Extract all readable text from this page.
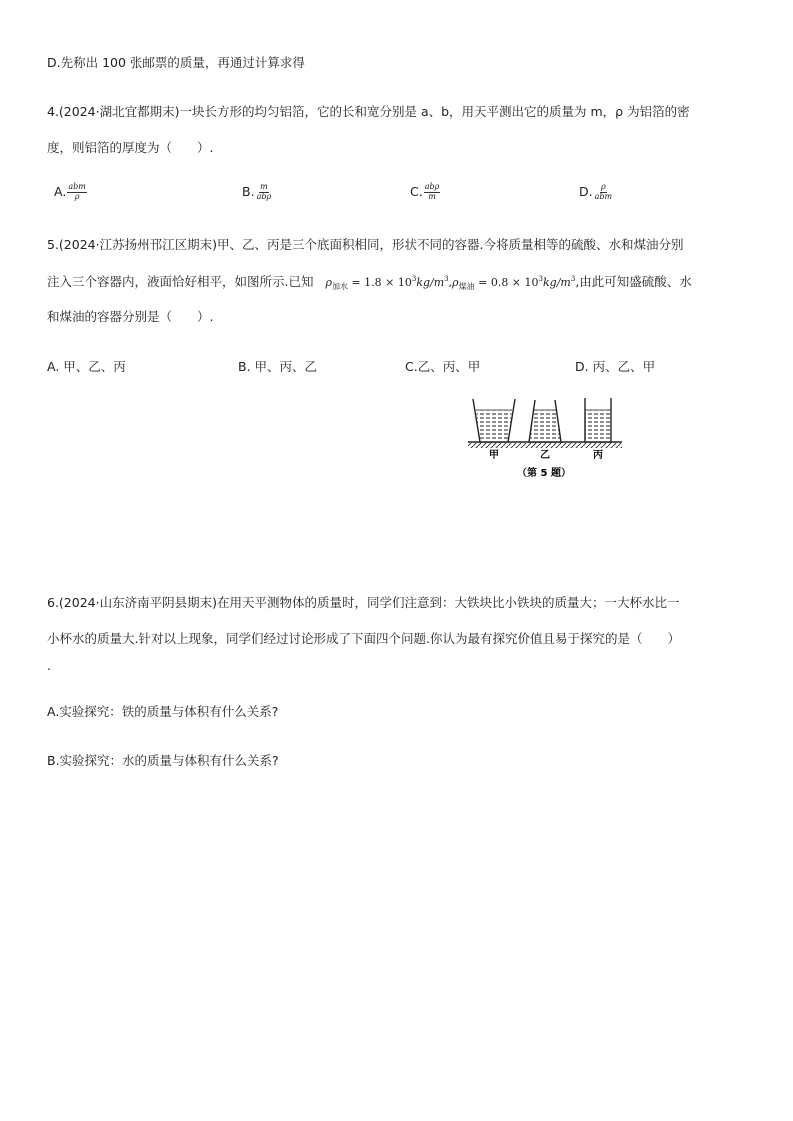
D.先称出 100 张邮票的质量，再通过计算求得
4.(2024·湖北宜都期末)一块长方形的均匀铝箔，它的长和宽分别是 a、b，用天平测出它的质量为 m，ρ 为铝箔的密
度，则铝箔的厚度为（　　）.
A. $\frac{\text{abm}}{\rho}$	B. $\frac{m}{\text{abρ}}$	C. $\frac{\text{abρ}}{m}$	D. $\frac{\rho}{\text{abm}}$
5.(2024·江苏扬州邗江区期末)甲、乙、丙是三个底面积相同，形状不同的容器.今将质量相等的硫酸、水和煤油分别
注入三个容器内，液面恰好相平，如图所示.已知 $\rho_{加水} = 1.8 \times 10^3kg/m^3,\rho_{煤油} = 0.8 \times 10^3kg/m^3$,由此可知盛硫酸、水
和煤油的容器分别是（　　）.
A. 甲、乙、丙	B. 甲、丙、乙	C.乙、丙、甲	D. 丙、乙、甲
甲	乙	丙
（第 5 题）
6.(2024·山东济南平阴县期末)在用天平测物体的质量时，同学们注意到：大铁块比小铁块的质量大；一大杯水比一
小杯水的质量大.针对以上现象，同学们经过讨论形成了下面四个问题.你认为最有探究价值且易于探究的是（　　）
.
A.实验探究：铁的质量与体积有什么关系?
B.实验探究：水的质量与体积有什么关系?
